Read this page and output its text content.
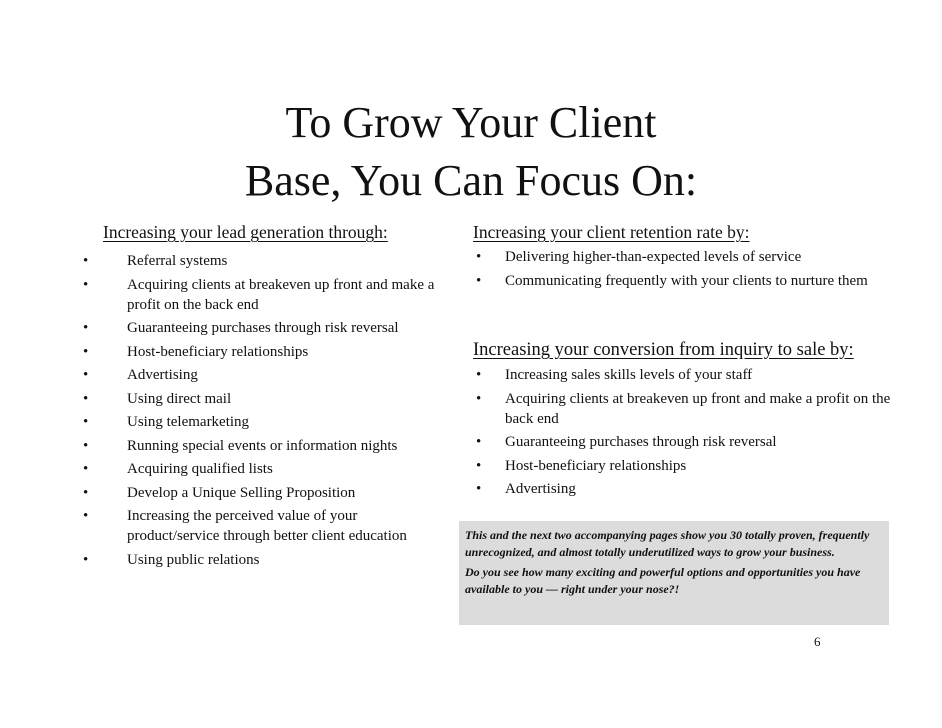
To Grow Your Client
Base, You Can Focus On:
Increasing your lead generation through:
•	Referral systems
•	Acquiring clients at breakeven up front and make a profit on the back end
•	Guaranteeing purchases through risk reversal
•	Host-beneficiary relationships
•	Advertising
•	Using direct mail
•	Using telemarketing
•	Running special events or information nights
•	Acquiring qualified lists
•	Develop a Unique Selling Proposition
•	Increasing the perceived value of your product/service through better client education
•	Using public relations
Increasing your client retention rate by:
• Delivering higher-than-expected levels of service
• Communicating frequently with your clients to nurture them
Increasing your conversion from inquiry to sale by:
• Increasing sales skills levels of your staff
• Acquiring clients at breakeven up front and make a profit on the back end
• Guaranteeing purchases through risk reversal
• Host-beneficiary relationships
• Advertising

This and the next two accompanying pages show you 30 totally proven, frequently unrecognized, and almost totally underutilized ways to grow your business.

Do you see how many exciting and powerful options and opportunities you have available to you — right under your nose?!

6
